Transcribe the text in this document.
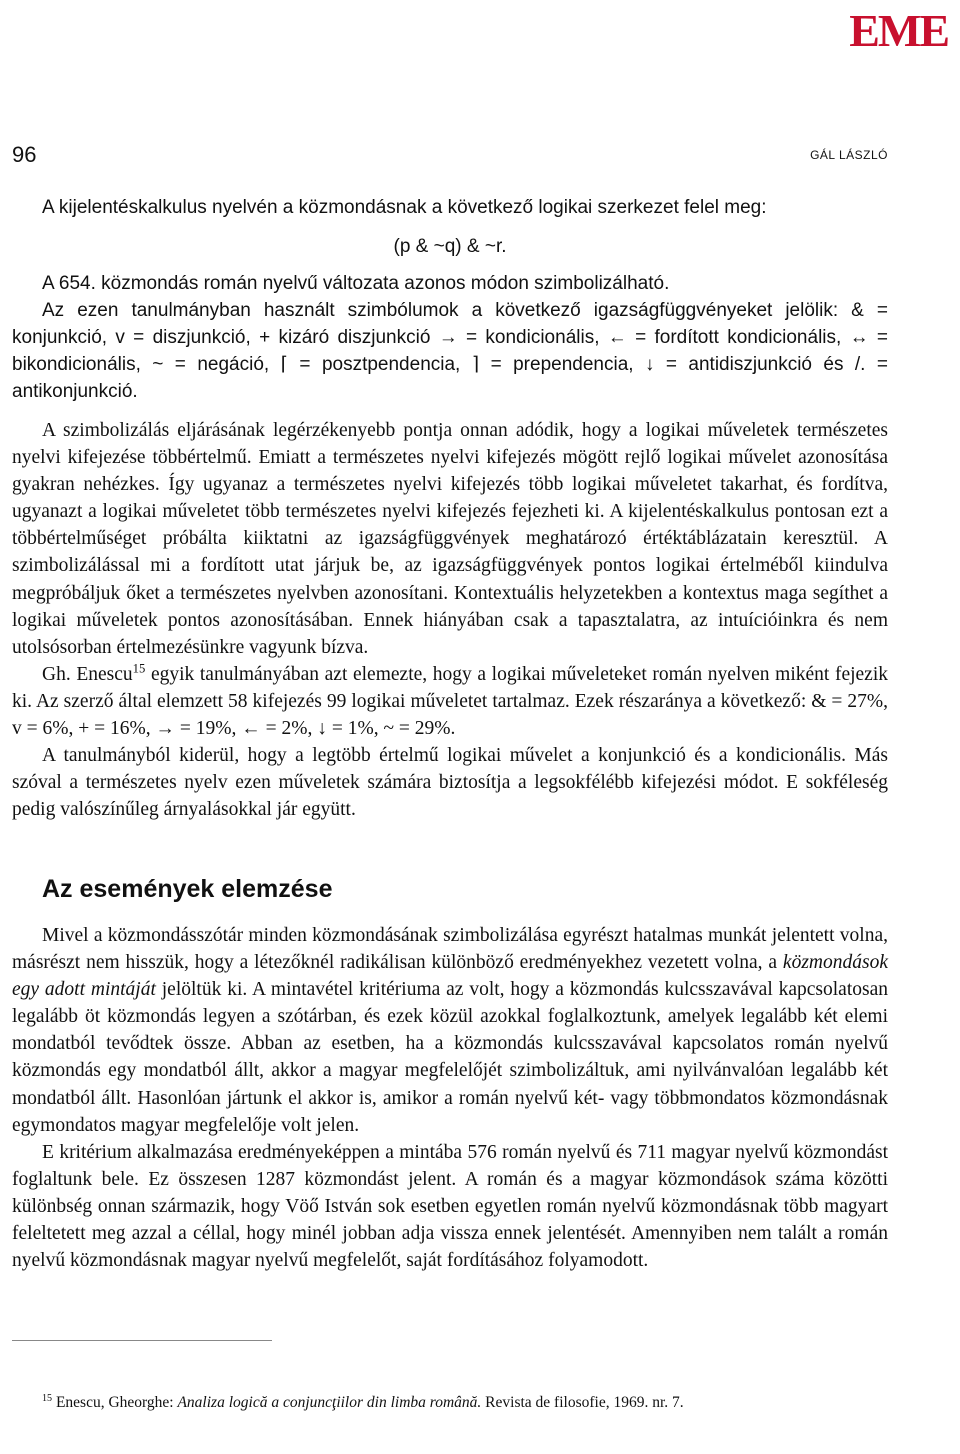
EME
96	GÁL LÁSZLÓ

A kijelentéskalkulus nyelvén a közmondásnak a következő logikai szerkezet felel meg:

(p & ~q) & ~r.

A 654. közmondás román nyelvű változata azonos módon szimbolizálható.

Az ezen tanulmányban használt szimbólumok a következő igazságfüggvényeket jelölik: & = konjunkció, v = diszjunkció, + kizáró diszjunkció → = kondicionális, ← = fordított kondicionális, ↔ = bikondicionális, ~ = negáció, ⌈ = posztpendencia, ⌉ = prependencia, ↓ = antidiszjunkció és /. = antikonjunkció.

A szimbolizálás eljárásának legérzékenyebb pontja onnan adódik, hogy a logikai műveletek természetes nyelvi kifejezése többértelmű. Emiatt a természetes nyelvi kifejezés mögött rejlő logikai művelet azonosítása gyakran nehézkes. Így ugyanaz a természetes nyelvi kifejezés több logikai műveletet takarhat, és fordítva, ugyanazt a logikai műveletet több természetes nyelvi kifejezés fejezheti ki. A kijelentéskalkulus pontosan ezt a többértelműséget próbálta kiiktatni az igazságfüggvények meghatározó értéktáblázatain keresztül. A szimbolizálással mi a fordított utat járjuk be, az igazságfüggvények pontos logikai értelméből kiindulva megpróbáljuk őket a természetes nyelvben azonosítani. Kontextuális helyzetekben a kontextus maga segíthet a logikai műveletek pontos azonosításában. Ennek hiányában csak a tapasztalatra, az intuícióinkra és nem utolsósorban értelmezésünkre vagyunk bízva.

Gh. Enescu$^{15}$ egyik tanulmányában azt elemezte, hogy a logikai műveleteket román nyelven miként fejezik ki. Az szerző által elemzett 58 kifejezés 99 logikai műveletet tartalmaz. Ezek részaránya a következő: & = 27%, v = 6%, + = 16%, → = 19%, ← = 2%, ↓ = 1%, ~ = 29%.

A tanulmányból kiderül, hogy a legtöbb értelmű logikai művelet a konjunkció és a kondicionális. Más szóval a természetes nyelv ezen műveletek számára biztosítja a legsokfélébb kifejezési módot. E sokféleség pedig valószínűleg árnyalásokkal jár együtt.

Az események elemzése

Mivel a közmondásszótár minden közmondásának szimbolizálása egyrészt hatalmas munkát jelentett volna, másrészt nem hisszük, hogy a létezőknél radikálisan különböző eredményekhez vezetett volna, a közmondások egy adott mintáját jelöltük ki. A mintavétel kritériuma az volt, hogy a közmondás kulcsszavával kapcsolatosan legalább öt közmondás legyen a szótárban, és ezek közül azokkal foglalkoztunk, amelyek legalább két elemi mondatból tevődtek össze. Abban az esetben, ha a közmondás kulcsszavával kapcsolatos román nyelvű közmondás egy mondatból állt, akkor a magyar megfelelőjét szimbolizáltuk, ami nyilvánvalóan legalább két mondatból állt. Hasonlóan jártunk el akkor is, amikor a román nyelvű két- vagy többmondatos közmondásnak egymondatos magyar megfelelője volt jelen.

E kritérium alkalmazása eredményeképpen a mintába 576 román nyelvű és 711 magyar nyelvű közmondást foglaltunk bele. Ez összesen 1287 közmondást jelent. A román és a magyar közmondások száma közötti különbség onnan származik, hogy Vöő István sok esetben egyetlen román nyelvű közmondásnak több magyart feleltetett meg azzal a céllal, hogy minél jobban adja vissza ennek jelentését. Amennyiben nem talált a román nyelvű közmondásnak magyar nyelvű megfelelőt, saját fordításához folyamodott.

$^{15}$ Enescu, Gheorghe: Analiza logică a conjuncţiilor din limba română. Revista de filosofie, 1969. nr. 7.
